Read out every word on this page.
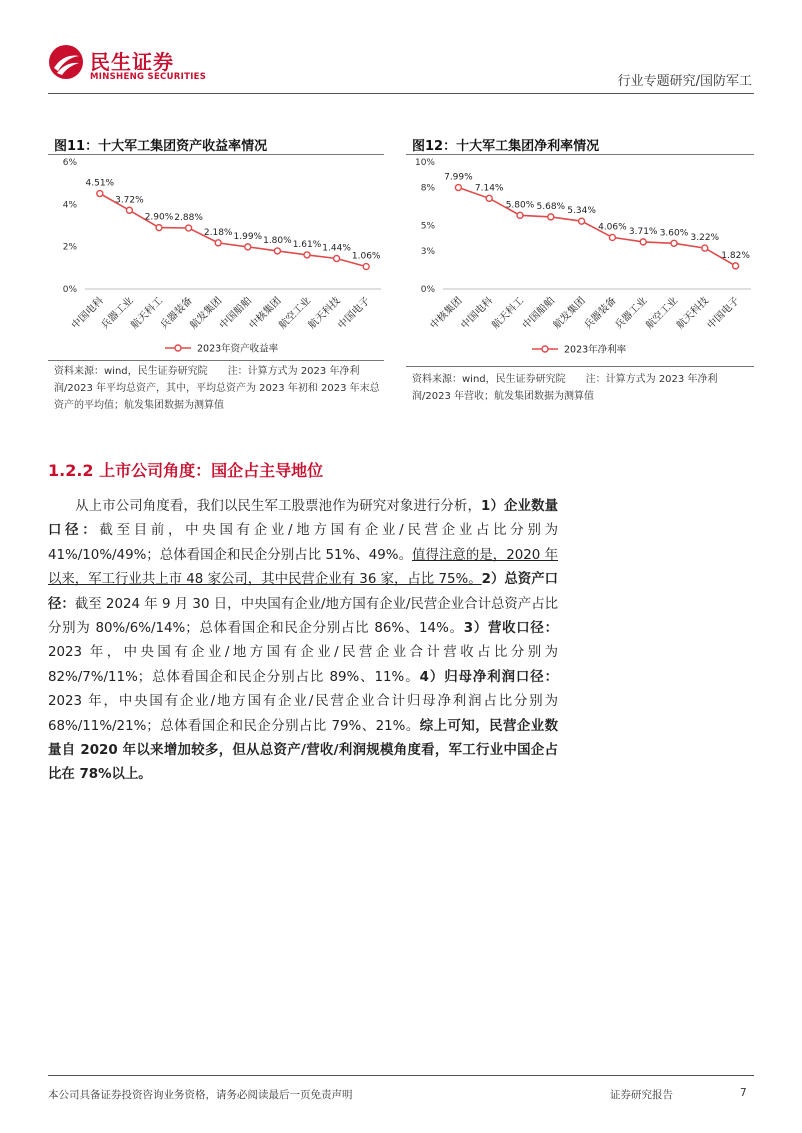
民生证券
MINSHENG SECURITIES	行业专题研究/国防军工
图11：十大军工集团资产收益率情况
0%
2%
4%
6%
4.51%
中国电科
3.72%
兵器工业
2.90%
航天科工
2.88%
兵器装备
2.18%
航发集团
1.99%
中国船舶
1.80%
中核集团
1.61%
航空工业
1.44%
航天科技
1.06%
中国电子
2023年资产收益率
资料来源：wind，民生证券研究院　　注：计算方式为 2023 年净利润/2023 年平均总资产，其中，平均总资产为 2023 年初和 2023 年末总资产的平均值；航发集团数据为测算值
图12：十大军工集团净利率情况
0%
3%
5%
8%
10%
7.99%
中核集团
7.14%
中国电科
5.80%
航天科工
5.68%
中国船舶
5.34%
航发集团
4.06%
兵器装备
3.71%
兵器工业
3.60%
航空工业
3.22%
航天科技
1.82%
中国电子
2023年净利率
资料来源：wind，民生证券研究院　　注：计算方式为 2023 年净利润/2023 年营收；航发集团数据为测算值
1.2.2 上市公司角度：国企占主导地位
从上市公司角度看，我们以民生军工股票池作为研究对象进行分析，1）企业数量口径：截至目前，中央国有企业/地方国有企业/民营企业占比分别为 41%/10%/49%；总体看国企和民企分别占比 51%、49%。值得注意的是，2020 年以来，军工行业共上市 48 家公司，其中民营企业有 36 家，占比 75%。2）总资产口径：截至 2024 年 9 月 30 日，中央国有企业/地方国有企业/民营企业合计总资产占比分别为 80%/6%/14%；总体看国企和民企分别占比 86%、14%。3）营收口径：2023 年，中央国有企业/地方国有企业/民营企业合计营收占比分别为 82%/7%/11%；总体看国企和民企分别占比 89%、11%。4）归母净利润口径：2023 年，中央国有企业/地方国有企业/民营企业合计归母净利润占比分别为 68%/11%/21%；总体看国企和民企分别占比 79%、21%。综上可知，民营企业数量自 2020 年以来增加较多，但从总资产/营收/利润规模角度看，军工行业中国企占比在 78%以上。
本公司具备证券投资咨询业务资格，请务必阅读最后一页免责声明	证券研究报告	7
